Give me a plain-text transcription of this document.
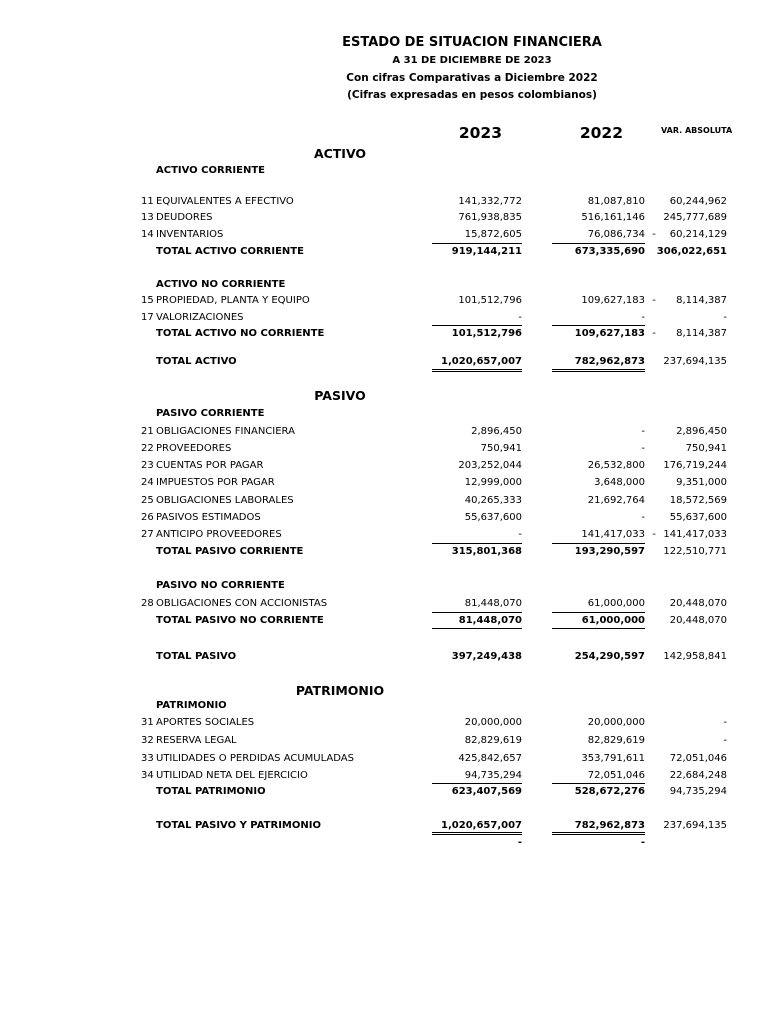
ESTADO DE SITUACION FINANCIERA
A 31 DE DICIEMBRE DE 2023
Con cifras Comparativas a Diciembre 2022
(Cifras expresadas en pesos colombianos)
2023	2022	VAR. ABSOLUTA
ACTIVO
ACTIVO CORRIENTE
11 EQUIVALENTES A EFECTIVO	141,332,772	81,087,810	60,244,962
13 DEUDORES	761,938,835	516,161,146	245,777,689
14 INVENTARIOS	15,872,605	76,086,734 -	60,214,129
TOTAL ACTIVO CORRIENTE	919,144,211	673,335,690	306,022,651
ACTIVO NO CORRIENTE
15 PROPIEDAD, PLANTA Y EQUIPO	101,512,796	109,627,183 -	8,114,387
17 VALORIZACIONES	-	-	-
TOTAL ACTIVO NO CORRIENTE	101,512,796	109,627,183 -	8,114,387
TOTAL ACTIVO	1,020,657,007	782,962,873	237,694,135
PASIVO
PASIVO CORRIENTE
21 OBLIGACIONES FINANCIERA	2,896,450	-	2,896,450
22 PROVEEDORES	750,941	-	750,941
23 CUENTAS POR PAGAR	203,252,044	26,532,800	176,719,244
24 IMPUESTOS POR PAGAR	12,999,000	3,648,000	9,351,000
25 OBLIGACIONES LABORALES	40,265,333	21,692,764	18,572,569
26 PASIVOS ESTIMADOS	55,637,600	-	55,637,600
27 ANTICIPO PROVEEDORES	-	141,417,033 - 141,417,033
TOTAL PASIVO CORRIENTE	315,801,368	193,290,597	122,510,771
PASIVO NO CORRIENTE
28 OBLIGACIONES CON ACCIONISTAS	81,448,070	61,000,000	20,448,070
TOTAL PASIVO NO CORRIENTE	81,448,070	61,000,000	20,448,070
TOTAL PASIVO	397,249,438	254,290,597	142,958,841
PATRIMONIO
PATRIMONIO
31 APORTES SOCIALES	20,000,000	20,000,000	-
32 RESERVA LEGAL	82,829,619	82,829,619	-
33 UTILIDADES O PERDIDAS ACUMULADAS	425,842,657	353,791,611	72,051,046
34 UTILIDAD NETA DEL EJERCICIO	94,735,294	72,051,046	22,684,248
TOTAL PATRIMONIO	623,407,569	528,672,276	94,735,294
TOTAL PASIVO Y PATRIMONIO	1,020,657,007	782,962,873	237,694,135
-	-
